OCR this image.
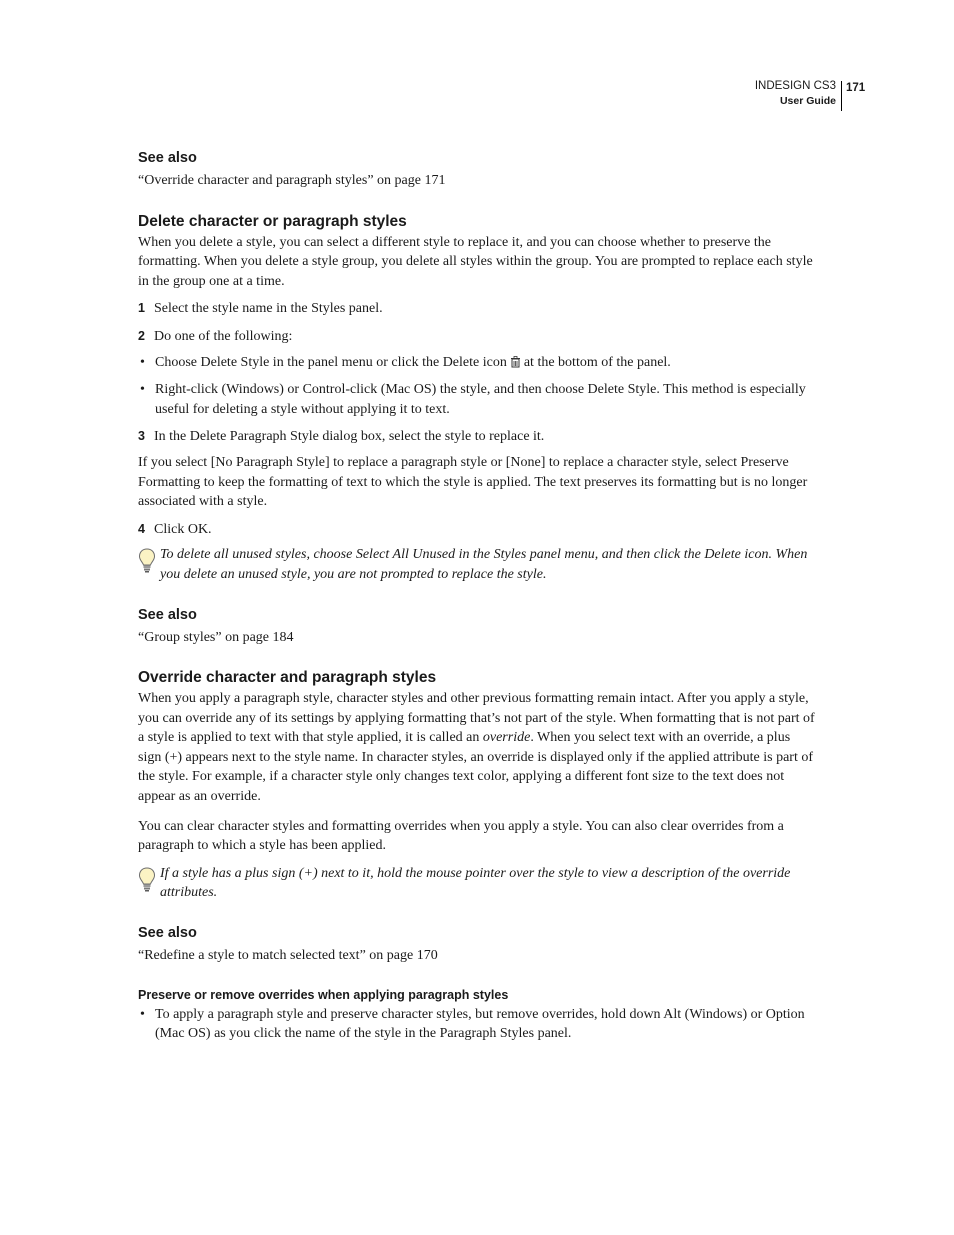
INDESIGN CS3
User Guide
171
See also

“Override character and paragraph styles” on page 171

Delete character or paragraph styles

When you delete a style, you can select a different style to replace it, and you can choose whether to preserve the formatting. When you delete a style group, you delete all styles within the group. You are prompted to replace each style in the group one at a time.

1 Select the style name in the Styles panel.
2 Do one of the following:
• Choose Delete Style in the panel menu or click the Delete icon at the bottom of the panel.
• Right-click (Windows) or Control-click (Mac OS) the style, and then choose Delete Style. This method is especially useful for deleting a style without applying it to text.
3 In the Delete Paragraph Style dialog box, select the style to replace it.

If you select [No Paragraph Style] to replace a paragraph style or [None] to replace a character style, select Preserve Formatting to keep the formatting of text to which the style is applied. The text preserves its formatting but is no longer associated with a style.

4 Click OK.
To delete all unused styles, choose Select All Unused in the Styles panel menu, and then click the Delete icon. When you delete an unused style, you are not prompted to replace the style.
See also

“Group styles” on page 184

Override character and paragraph styles

When you apply a paragraph style, character styles and other previous formatting remain intact. After you apply a style, you can override any of its settings by applying formatting that’s not part of the style. When formatting that is not part of a style is applied to text with that style applied, it is called an override. When you select text with an override, a plus sign (+) appears next to the style name. In character styles, an override is displayed only if the applied attribute is part of the style. For example, if a character style only changes text color, applying a different font size to the text does not appear as an override.

You can clear character styles and formatting overrides when you apply a style. You can also clear overrides from a paragraph to which a style has been applied.

If a style has a plus sign (+) next to it, hold the mouse pointer over the style to view a description of the override attributes.
See also

“Redefine a style to match selected text” on page 170

Preserve or remove overrides when applying paragraph styles
• To apply a paragraph style and preserve character styles, but remove overrides, hold down Alt (Windows) or Option (Mac OS) as you click the name of the style in the Paragraph Styles panel.
